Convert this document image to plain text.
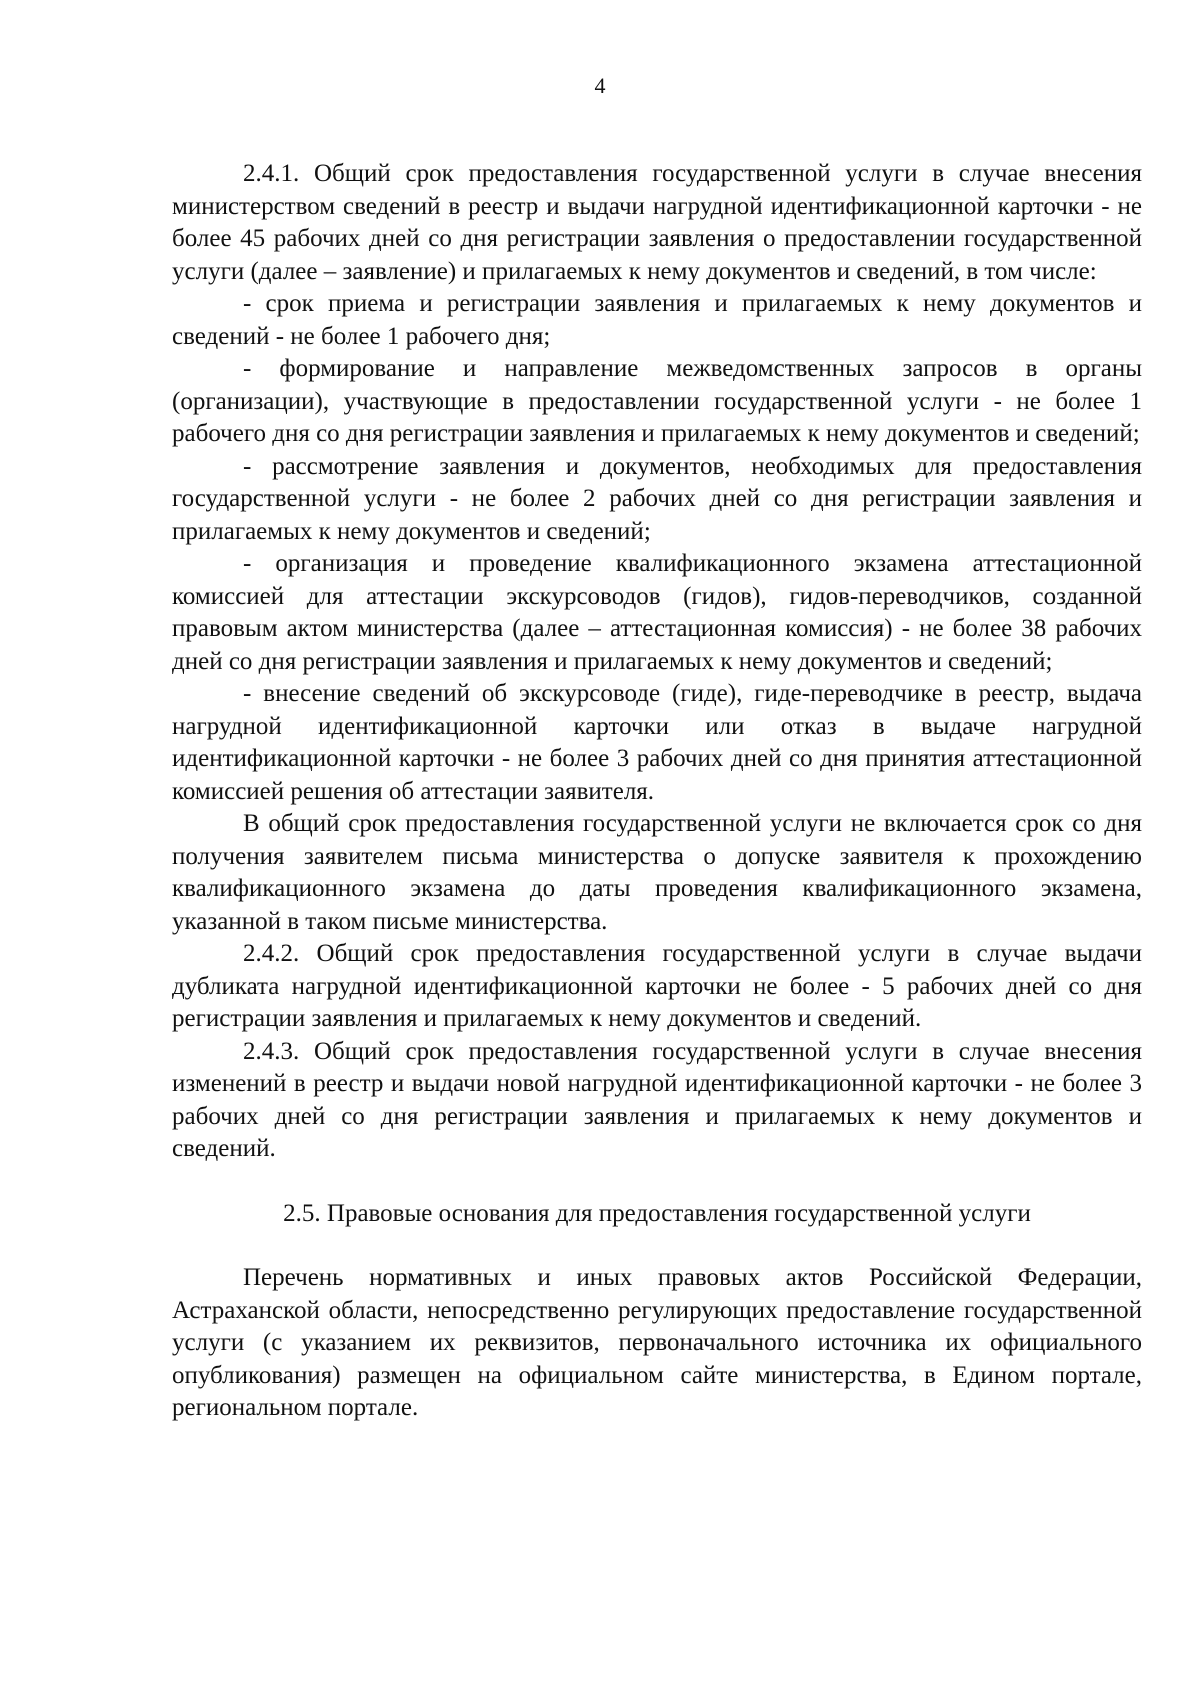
4

2.4.1. Общий срок предоставления государственной услуги в случае внесения министерством сведений в реестр и выдачи нагрудной идентификационной карточки - не более 45 рабочих дней со дня регистрации заявления о предоставлении государственной услуги (далее – заявление) и прилагаемых к нему документов и сведений, в том числе:

- срок приема и регистрации заявления и прилагаемых к нему документов и сведений - не более 1 рабочего дня;

- формирование и направление межведомственных запросов в органы (организации), участвующие в предоставлении государственной услуги - не более 1 рабочего дня со дня регистрации заявления и прилагаемых к нему документов и сведений;

- рассмотрение заявления и документов, необходимых для предоставления государственной услуги - не более 2 рабочих дней со дня регистрации заявления и прилагаемых к нему документов и сведений;

- организация и проведение квалификационного экзамена аттестационной комиссией для аттестации экскурсоводов (гидов), гидов-переводчиков, созданной правовым актом министерства (далее – аттестационная комиссия) - не более 38 рабочих дней со дня регистрации заявления и прилагаемых к нему документов и сведений;

- внесение сведений об экскурсоводе (гиде), гиде-переводчике в реестр, выдача нагрудной идентификационной карточки или отказ в выдаче нагрудной идентификационной карточки - не более 3 рабочих дней со дня принятия аттестационной комиссией решения об аттестации заявителя.

В общий срок предоставления государственной услуги не включается срок со дня получения заявителем письма министерства о допуске заявителя к прохождению квалификационного экзамена до даты проведения квалификационного экзамена, указанной в таком письме министерства.

2.4.2. Общий срок предоставления государственной услуги в случае выдачи дубликата нагрудной идентификационной карточки не более - 5 рабочих дней со дня регистрации заявления и прилагаемых к нему документов и сведений.

2.4.3. Общий срок предоставления государственной услуги в случае внесения изменений в реестр и выдачи новой нагрудной идентификационной карточки - не более 3 рабочих дней со дня регистрации заявления и прилагаемых к нему документов и сведений.

2.5. Правовые основания для предоставления государственной услуги

Перечень нормативных и иных правовых актов Российской Федерации, Астраханской области, непосредственно регулирующих предоставление государственной услуги (с указанием их реквизитов, первоначального источника их официального опубликования) размещен на официальном сайте министерства, в Едином портале, региональном портале.
